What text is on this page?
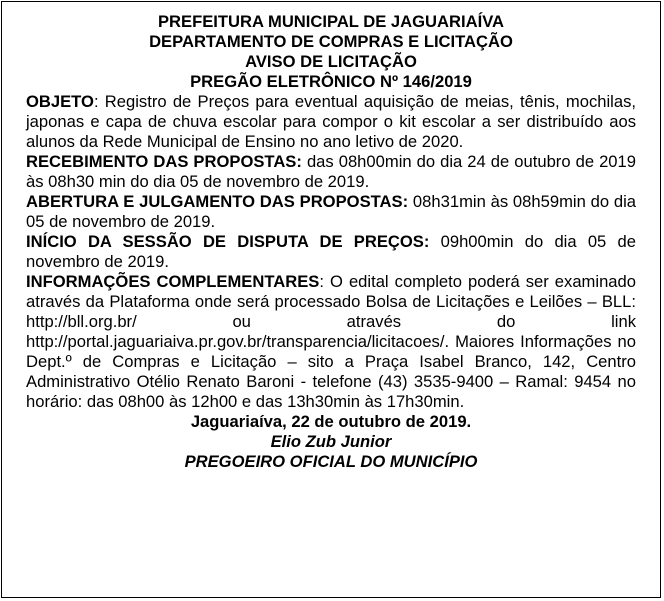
PREFEITURA MUNICIPAL DE JAGUARIAÍVA
DEPARTAMENTO DE COMPRAS E LICITAÇÃO
AVISO DE LICITAÇÃO
PREGÃO ELETRÔNICO Nº 146/2019

OBJETO: Registro de Preços para eventual aquisição de meias, tênis, mochilas, japonas e capa de chuva escolar para compor o kit escolar a ser distribuído aos alunos da Rede Municipal de Ensino no ano letivo de 2020.

RECEBIMENTO DAS PROPOSTAS: das 08h00min do dia 24 de outubro de 2019 às 08h30 min do dia 05 de novembro de 2019.

ABERTURA E JULGAMENTO DAS PROPOSTAS: 08h31min às 08h59min do dia 05 de novembro de 2019.

INÍCIO DA SESSÃO DE DISPUTA DE PREÇOS: 09h00min do dia 05 de novembro de 2019.

INFORMAÇÕES COMPLEMENTARES: O edital completo poderá ser examinado através da Plataforma onde será processado Bolsa de Licitações e Leilões – BLL: http://bll.org.br/ ou através do link http://portal.jaguariaiva.pr.gov.br/transparencia/licitacoes/. Maiores Informações no Dept.º de Compras e Licitação – sito a Praça Isabel Branco, 142, Centro Administrativo Otélio Renato Baroni - telefone (43) 3535-9400 – Ramal: 9454 no horário: das 08h00 às 12h00 e das 13h30min às 17h30min.

Jaguariaíva, 22 de outubro de 2019.
Elio Zub Junior
PREGOEIRO OFICIAL DO MUNICÍPIO
